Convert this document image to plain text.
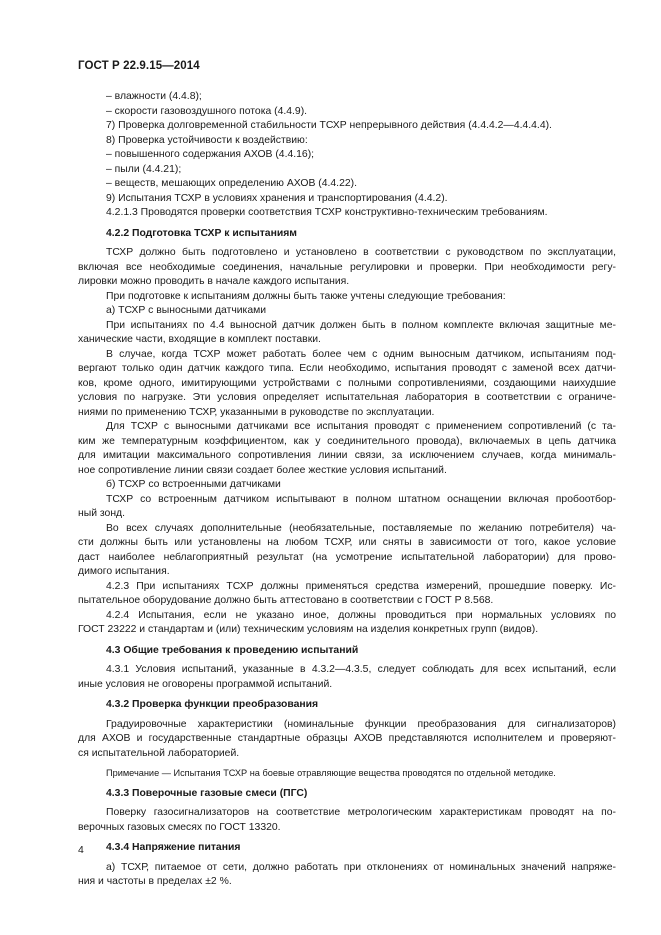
ГОСТ Р 22.9.15—2014
– влажности (4.4.8);
– скорости газовоздушного потока (4.4.9).
7) Проверка долговременной стабильности ТСХР непрерывного действия (4.4.4.2—4.4.4.4).
8) Проверка устойчивости к воздействию:
– повышенного содержания АХОВ (4.4.16);
– пыли (4.4.21);
– веществ, мешающих определению АХОВ (4.4.22).
9) Испытания ТСХР в условиях хранения и транспортирования (4.4.2).
4.2.1.3 Проводятся проверки соответствия ТСХР конструктивно-техническим требованиям.
4.2.2 Подготовка ТСХР к испытаниям
ТСХР должно быть подготовлено и установлено в соответствии с руководством по эксплуатации,
включая все необходимые соединения, начальные регулировки и проверки. При необходимости регу-
лировки можно проводить в начале каждого испытания.
При подготовке к испытаниям должны быть также учтены следующие требования:
а) ТСХР с выносными датчиками
При испытаниях по 4.4 выносной датчик должен быть в полном комплекте включая защитные ме-
ханические части, входящие в комплект поставки.
В случае, когда ТСХР может работать более чем с одним выносным датчиком, испытаниям под-
вергают только один датчик каждого типа. Если необходимо, испытания проводят с заменой всех датчи-
ков, кроме одного, имитирующими устройствами с полными сопротивлениями, создающими наихудшие
условия по нагрузке. Эти условия определяет испытательная лаборатория в соответствии с ограниче-
ниями по применению ТСХР, указанными в руководстве по эксплуатации.
Для ТСХР с выносными датчиками все испытания проводят с применением сопротивлений (с та-
ким же температурным коэффициентом, как у соединительного провода), включаемых в цепь датчика
для имитации максимального сопротивления линии связи, за исключением случаев, когда минималь-
ное сопротивление линии связи создает более жесткие условия испытаний.
б) ТСХР со встроенными датчиками
ТСХР со встроенным датчиком испытывают в полном штатном оснащении включая пробоотбор-
ный зонд.
Во всех случаях дополнительные (необязательные, поставляемые по желанию потребителя) ча-
сти должны быть или установлены на любом ТСХР, или сняты в зависимости от того, какое условие
даст наиболее неблагоприятный результат (на усмотрение испытательной лаборатории) для прово-
димого испытания.
4.2.3 При испытаниях ТСХР должны применяться средства измерений, прошедшие поверку. Ис-
пытательное оборудование должно быть аттестовано в соответствии с ГОСТ Р 8.568.
4.2.4 Испытания, если не указано иное, должны проводиться при нормальных условиях по
ГОСТ 23222 и стандартам и (или) техническим условиям на изделия конкретных групп (видов).
4.3 Общие требования к проведению испытаний
4.3.1 Условия испытаний, указанные в 4.3.2—4.3.5, следует соблюдать для всех испытаний, если
иные условия не оговорены программой испытаний.
4.3.2 Проверка функции преобразования
Градуировочные характеристики (номинальные функции преобразования для сигнализаторов)
для АХОВ и государственные стандартные образцы АХОВ представляются исполнителем и проверяют-
ся испытательной лабораторией.
Примечание — Испытания ТСХР на боевые отравляющие вещества проводятся по отдельной методике.
4.3.3 Поверочные газовые смеси (ПГС)
Поверку газосигнализаторов на соответствие метрологическим характеристикам проводят на по-
верочных газовых смесях по ГОСТ 13320.
4.3.4 Напряжение питания
а) ТСХР, питаемое от сети, должно работать при отклонениях от номинальных значений напряже-
ния и частоты в пределах ±2 %.
4
